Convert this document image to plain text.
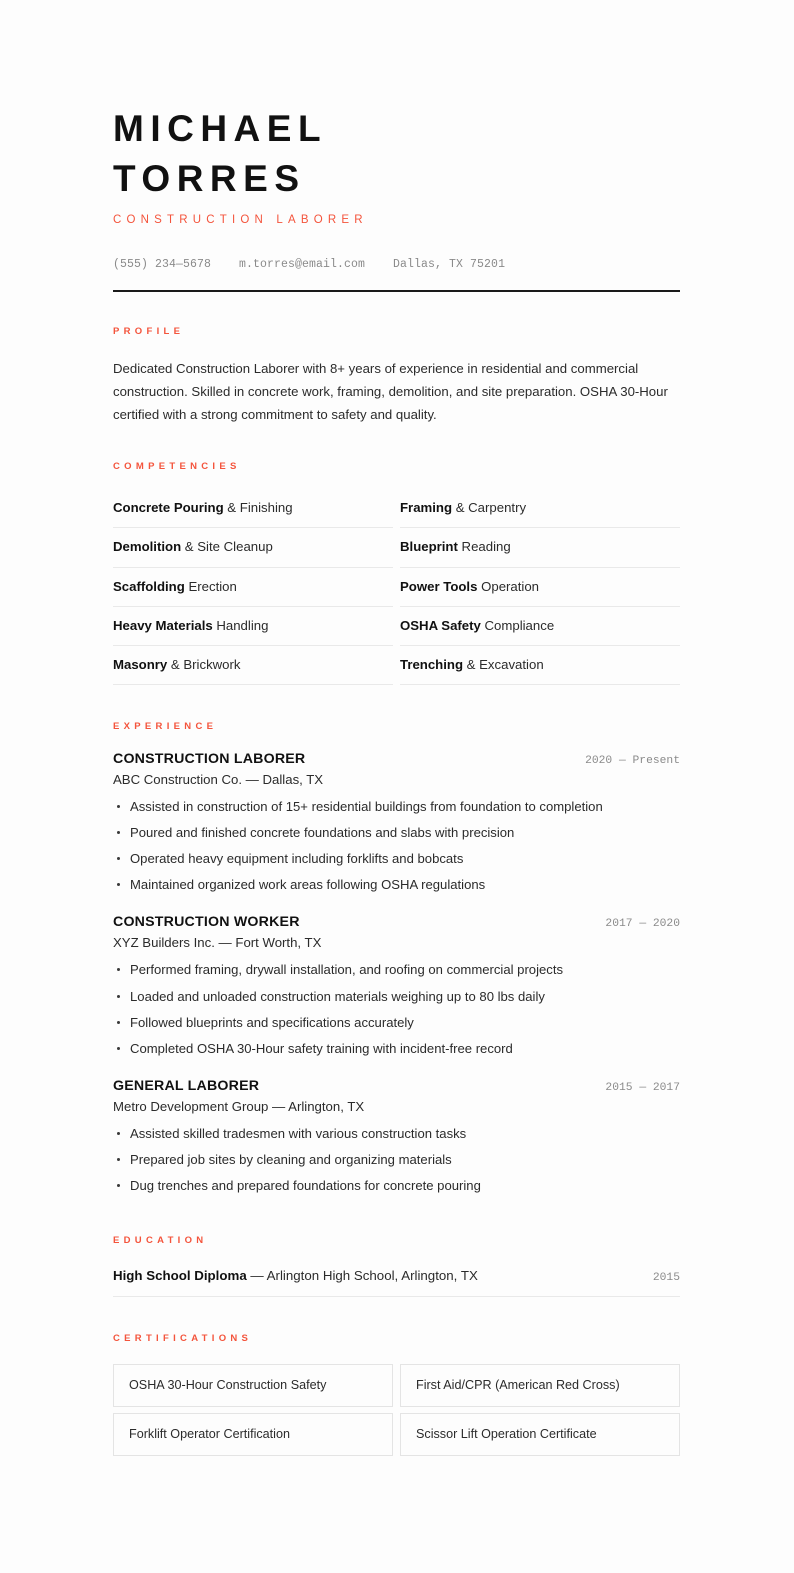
MICHAEL
TORRES
CONSTRUCTION LABORER
(555) 234—5678 m.torres@email.com Dallas, TX 75201
PROFILE

Dedicated Construction Laborer with 8+ years of experience in residential and commercial construction. Skilled in concrete work, framing, demolition, and site preparation. OSHA 30-Hour certified with a strong commitment to safety and quality.

COMPETENCIES
Concrete Pouring & Finishing	Framing & Carpentry
Demolition & Site Cleanup	Blueprint Reading
Scaffolding Erection	Power Tools Operation
Heavy Materials Handling	OSHA Safety Compliance
Masonry & Brickwork	Trenching & Excavation
EXPERIENCE
CONSTRUCTION LABORER	2020 — Present
ABC Construction Co. — Dallas, TX
Assisted in construction of 15+ residential buildings from foundation to completion
Poured and finished concrete foundations and slabs with precision
Operated heavy equipment including forklifts and bobcats
Maintained organized work areas following OSHA regulations
CONSTRUCTION WORKER	2017 — 2020
XYZ Builders Inc. — Fort Worth, TX
Performed framing, drywall installation, and roofing on commercial projects
Loaded and unloaded construction materials weighing up to 80 lbs daily
Followed blueprints and specifications accurately
Completed OSHA 30-Hour safety training with incident-free record
GENERAL LABORER	2015 — 2017
Metro Development Group — Arlington, TX
Assisted skilled tradesmen with various construction tasks
Prepared job sites by cleaning and organizing materials
Dug trenches and prepared foundations for concrete pouring
EDUCATION
High School Diploma — Arlington High School, Arlington, TX	2015
CERTIFICATIONS
OSHA 30-Hour Construction Safety	First Aid/CPR (American Red Cross)
Forklift Operator Certification	Scissor Lift Operation Certificate
